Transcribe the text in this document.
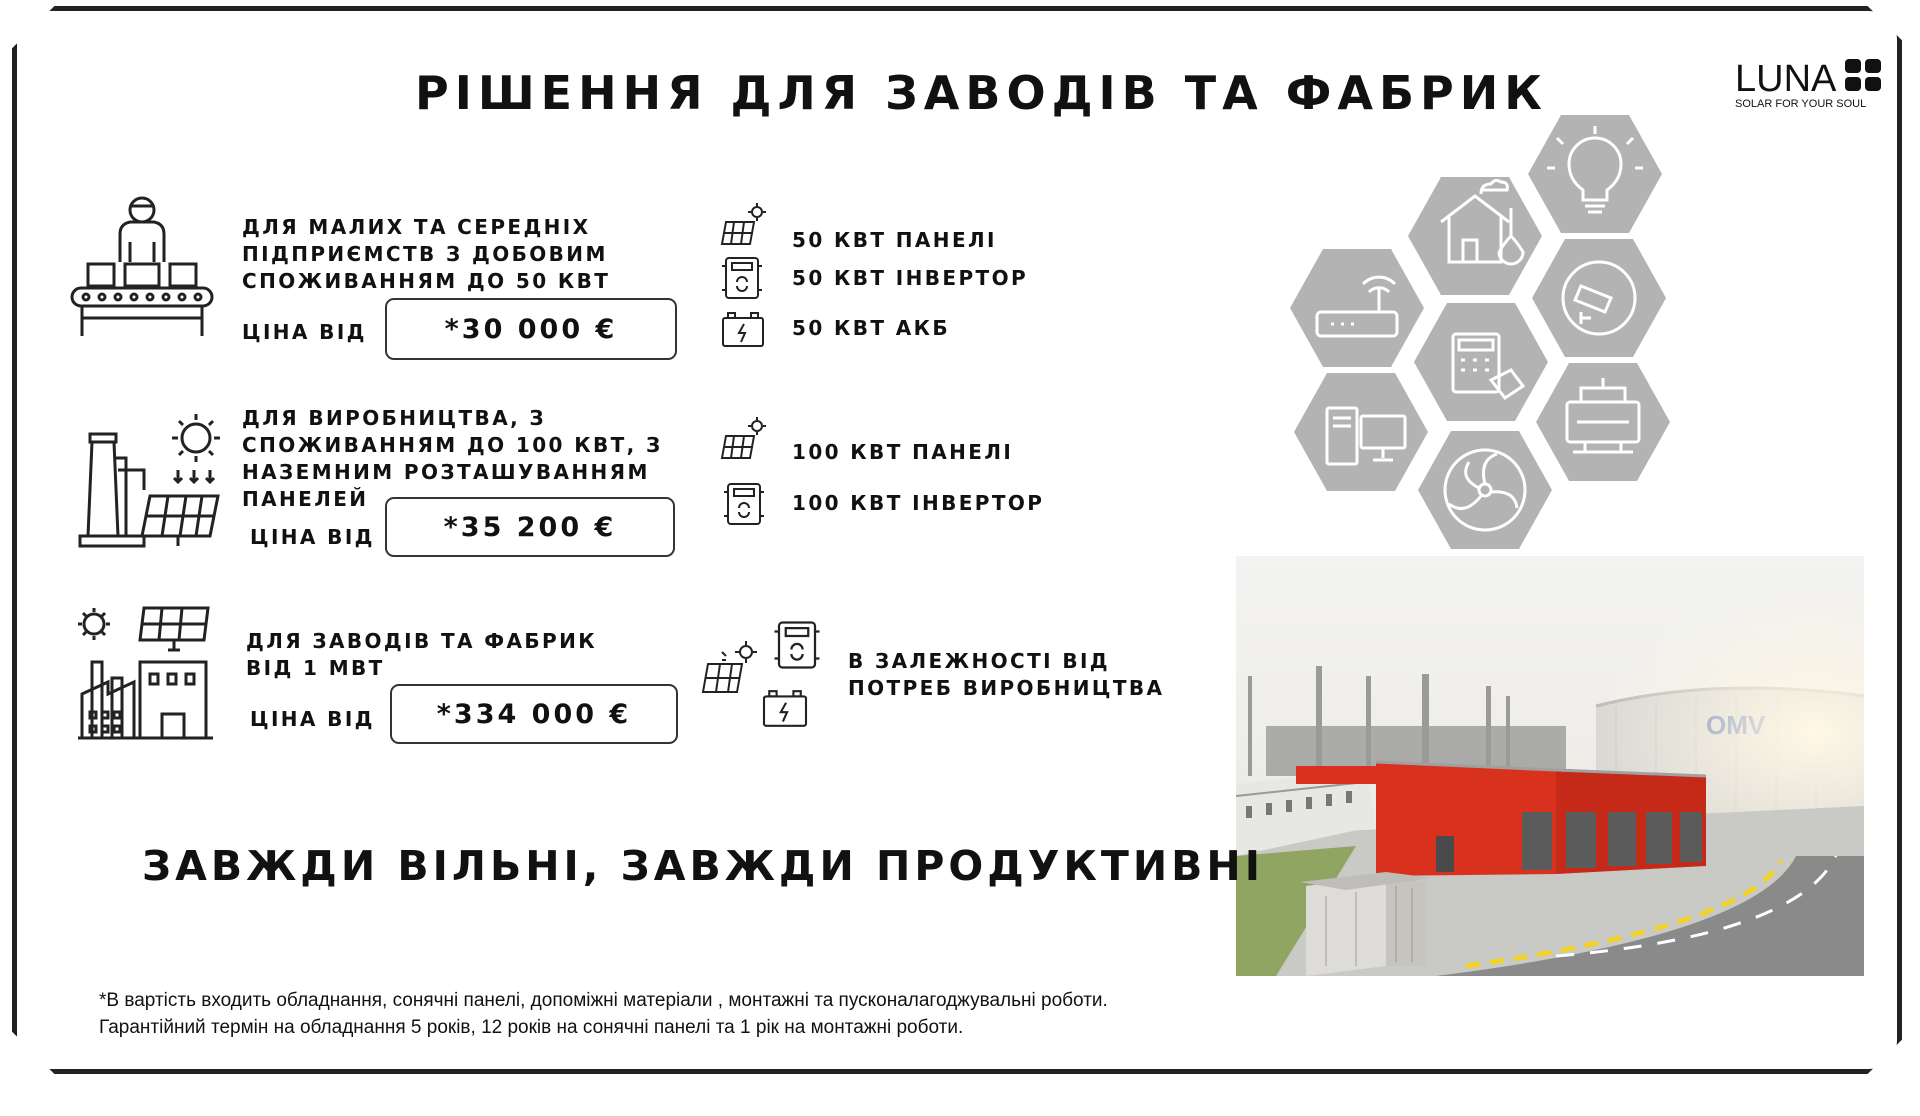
РІШЕННЯ ДЛЯ ЗАВОДІВ ТА ФАБРИК	LUNA
SOLAR FOR YOUR SOUL
ДЛЯ МАЛИХ ТА СЕРЕДНІХ
ПІДПРИЄМСТВ З ДОБОВИМ
СПОЖИВАННЯМ ДО 50 КВТ
ЦІНА ВІД	*30 000 €
50 КВТ ПАНЕЛІ
50 КВТ ІНВЕРТОР
50 КВТ АКБ
ДЛЯ ВИРОБНИЦТВА, З
СПОЖИВАННЯМ ДО 100 КВТ, З
НАЗЕМНИМ РОЗТАШУВАННЯМ
ПАНЕЛЕЙ
ЦІНА ВІД	*35 200 €
100 КВТ ПАНЕЛІ
100 КВТ ІНВЕРТОР
ДЛЯ ЗАВОДІВ ТА ФАБРИК
ВІД 1 МВТ
ЦІНА ВІД	*334 000 €
В ЗАЛЕЖНОСТІ ВІД
ПОТРЕБ ВИРОБНИЦТВА
ЗАВЖДИ ВІЛЬНІ, ЗАВЖДИ ПРОДУКТИВНІ
*В вартість входить обладнання, сонячні панелі, допоміжні матеріали , монтажні та пусконалагоджувальні роботи.
Гарантійний термін на обладнання 5 років, 12 років на сонячні панелі та 1 рік на монтажні роботи.
